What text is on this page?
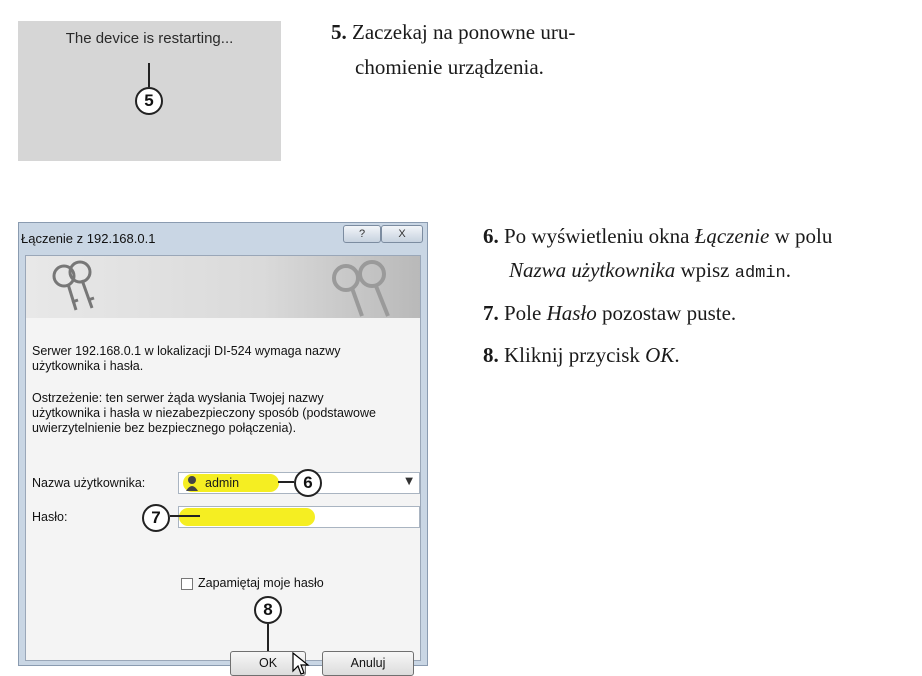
The device is restarting...
5
5. Zaczekaj na ponowne uru-
chomienie urządzenia.
Łączenie z 192.168.0.1	?	X
Serwer 192.168.0.1 w lokalizacji DI-524 wymaga nazwy
użytkownika i hasła.
Ostrzeżenie: ten serwer żąda wysłania Twojej nazwy
użytkownika i hasła w niezabezpieczony sposób (podstawowe
uwierzytelnienie bez bezpiecznego połączenia).
Nazwa użytkownika:	admin	▼
6
Hasło:	7
Zapamiętaj moje hasło
8
OK	Anuluj
6. Po wyświetleniu okna Łączenie w polu
Nazwa użytkownika wpisz admin.
7. Pole Hasło pozostaw puste.
8. Kliknij przycisk OK.
